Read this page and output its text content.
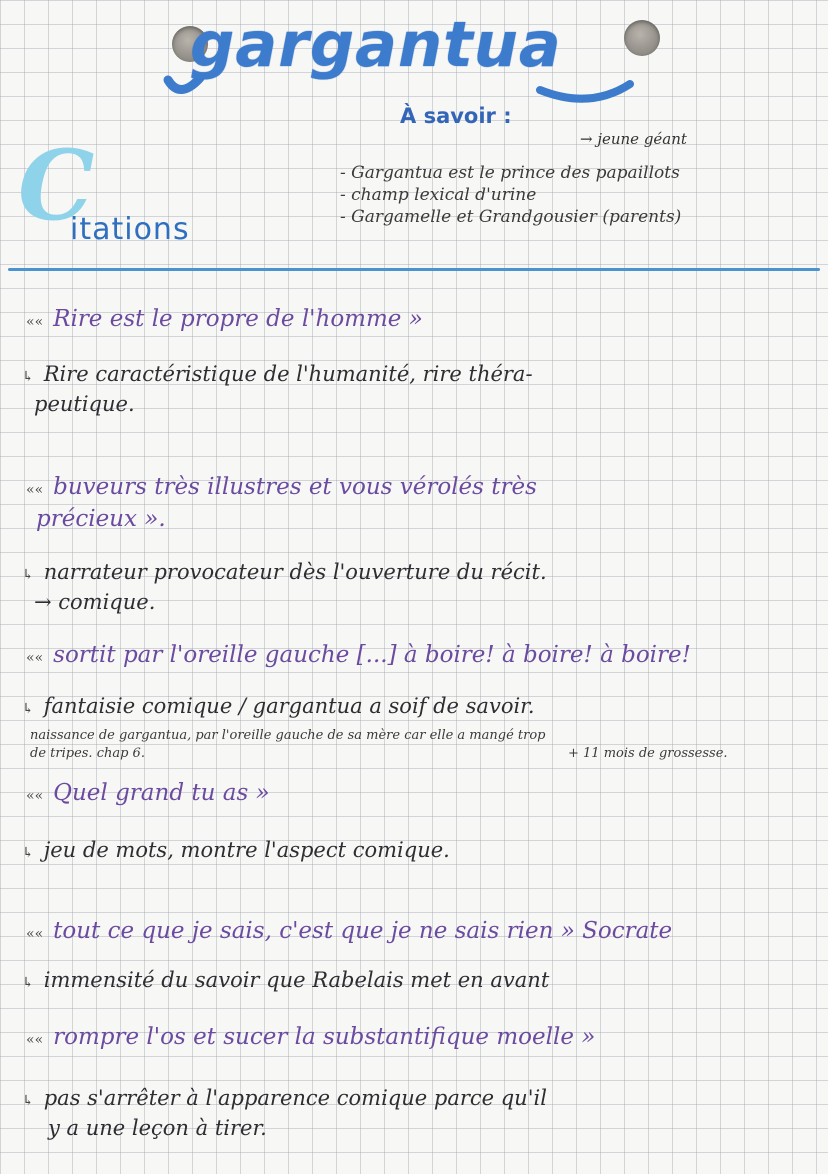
gargantua
À savoir :
→ jeune géant
C
itations
- Gargantua est le prince des papaillots
- champ lexical d'urine
- Gargamelle et Grandgousier (parents)
«« Rire est le propre de l'homme »
↳ Rire caractéristique de l'humanité, rire théra-
peutique.
«« buveurs très illustres et vous vérolés très
précieux ».
↳ narrateur provocateur dès l'ouverture du récit.
→ comique.
«« sortit par l'oreille gauche [...] à boire! à boire! à boire!
↳ fantaisie comique / gargantua a soif de savoir.
naissance de gargantua, par l'oreille gauche de sa mère car elle a mangé trop
de tripes. chap 6.	+ 11 mois de grossesse.
«« Quel grand tu as »
↳ jeu de mots, montre l'aspect comique.
«« tout ce que je sais, c'est que je ne sais rien » Socrate
↳ immensité du savoir que Rabelais met en avant
«« rompre l'os et sucer la substantifique moelle »
↳ pas s'arrêter à l'apparence comique parce qu'il
y a une leçon à tirer.
